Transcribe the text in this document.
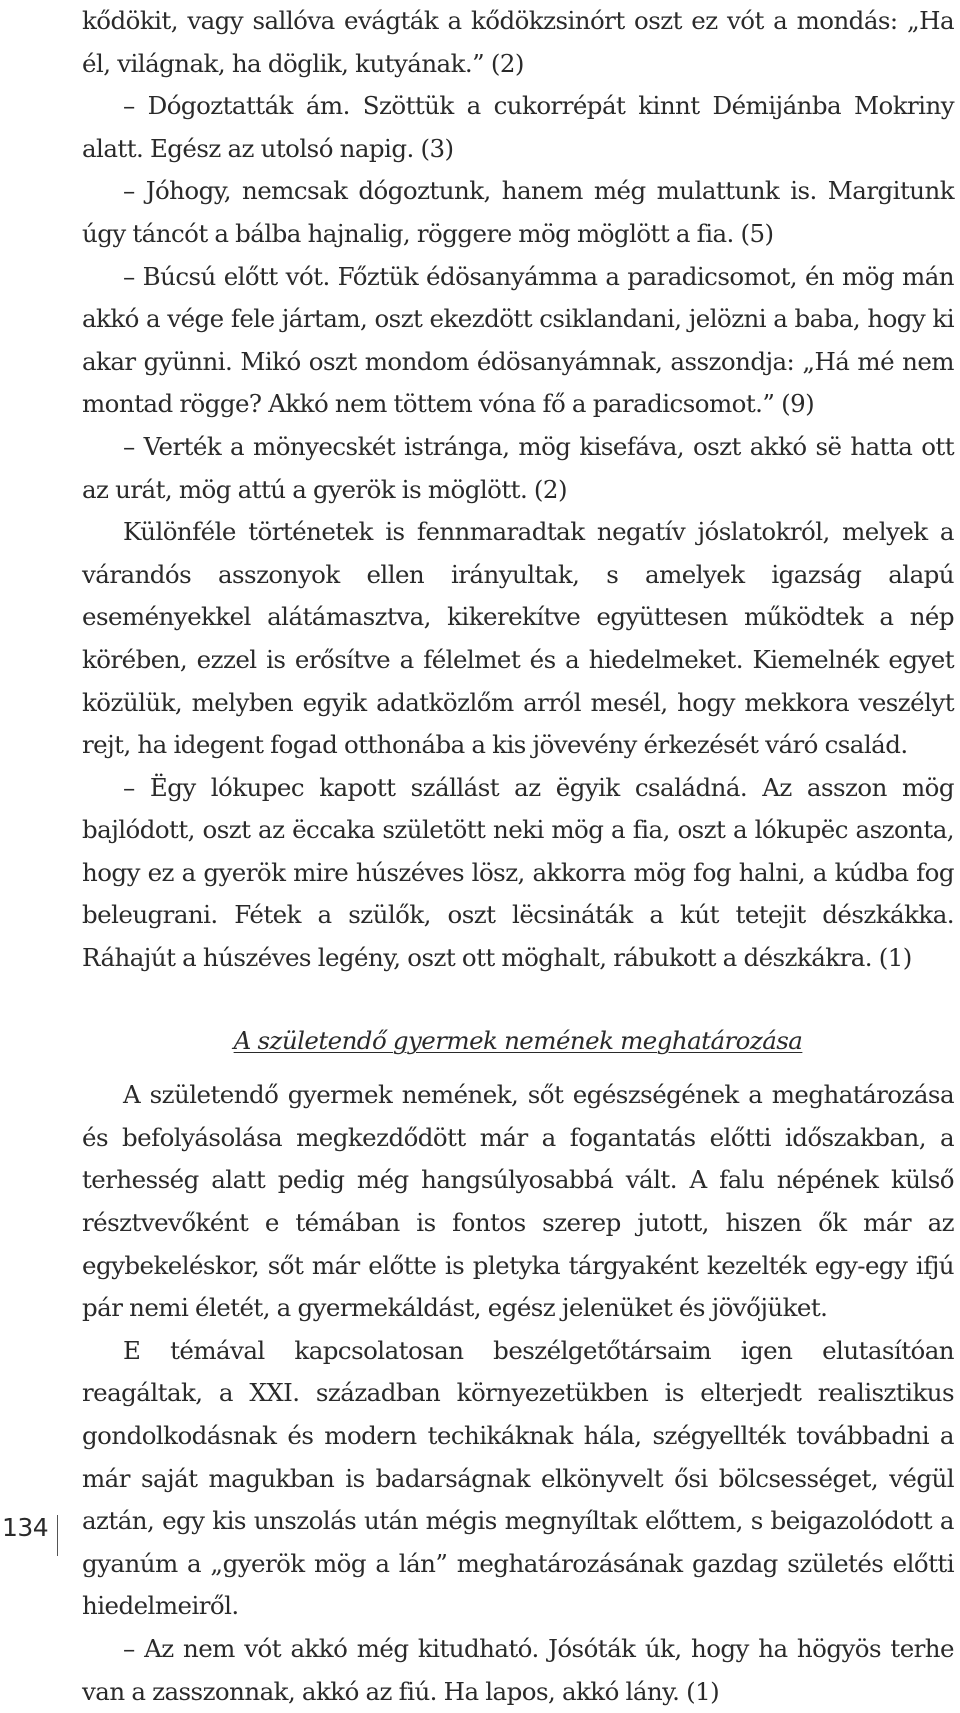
kődökit, vagy sallóva evágták a kődökzsinórt oszt ez vót a mondás: „Ha él, világnak, ha döglik, kutyának.” (2)

– Dógoztatták ám. Szöttük a cukorrépát kinnt Démijánba Mokriny alatt. Egész az utolsó napig. (3)

– Jóhogy, nemcsak dógoztunk, hanem még mulattunk is. Margitunk úgy táncót a bálba hajnalig, röggere mög möglött a fia. (5)

– Búcsú előtt vót. Főztük édösanyámma a paradicsomot, én mög mán akkó a vége fele jártam, oszt ekezdött csiklandani, jelözni a baba, hogy ki akar gyünni. Mikó oszt mondom édösanyámnak, asszondja: „Há mé nem montad rögge? Akkó nem töttem vóna fő a paradicsomot.” (9)

– Verték a mönyecskét istránga, mög kisefáva, oszt akkó së hatta ott az urát, mög attú a gyerök is möglött. (2)

Különféle történetek is fennmaradtak negatív jóslatokról, melyek a várandós asszonyok ellen irányultak, s amelyek igazság alapú eseményekkel alátámasztva, kikerekítve együttesen működtek a nép körében, ezzel is erősítve a félelmet és a hiedelmeket. Kiemelnék egyet közülük, melyben egyik adatközlőm arról mesél, hogy mekkora veszélyt rejt, ha idegent fogad otthonába a kis jövevény érkezését váró család.

– Ëgy lókupec kapott szállást az ëgyik családná. Az asszon mög bajlódott, oszt az ëccaka születött neki mög a fia, oszt a lókupëc aszonta, hogy ez a gyerök mire húszéves lösz, akkorra mög fog halni, a kúdba fog beleugrani. Fétek a szülők, oszt lëcsináták a kút tetejit dészkákka. Ráhajút a húszéves legény, oszt ott möghalt, rábukott a dészkákra. (1)

A születendő gyermek nemének meghatározása

A születendő gyermek nemének, sőt egészségének a meghatározása és befolyásolása megkezdődött már a fogantatás előtti időszakban, a terhesség alatt pedig még hangsúlyosabbá vált. A falu népének külső résztvevőként e témában is fontos szerep jutott, hiszen ők már az egybekeléskor, sőt már előtte is pletyka tárgyaként kezelték egy-egy ifjú pár nemi életét, a gyermekáldást, egész jelenüket és jövőjüket.

E témával kapcsolatosan beszélgetőtársaim igen elutasítóan reagáltak, a XXI. században környezetükben is elterjedt realisztikus gondolkodásnak és modern techikáknak hála, szégyellték továbbadni a már saját magukban is badarságnak elkönyvelt ősi bölcsességet, végül aztán, egy kis unszolás után mégis megnyíltak előttem, s beigazolódott a gyanúm a „gyerök mög a lán” meghatározásának gazdag születés előtti hiedelmeiről.

– Az nem vót akkó még kitudható. Jósóták úk, hogy ha högyös terhe van a zasszonnak, akkó az fiú. Ha lapos, akkó lány. (1)

134
